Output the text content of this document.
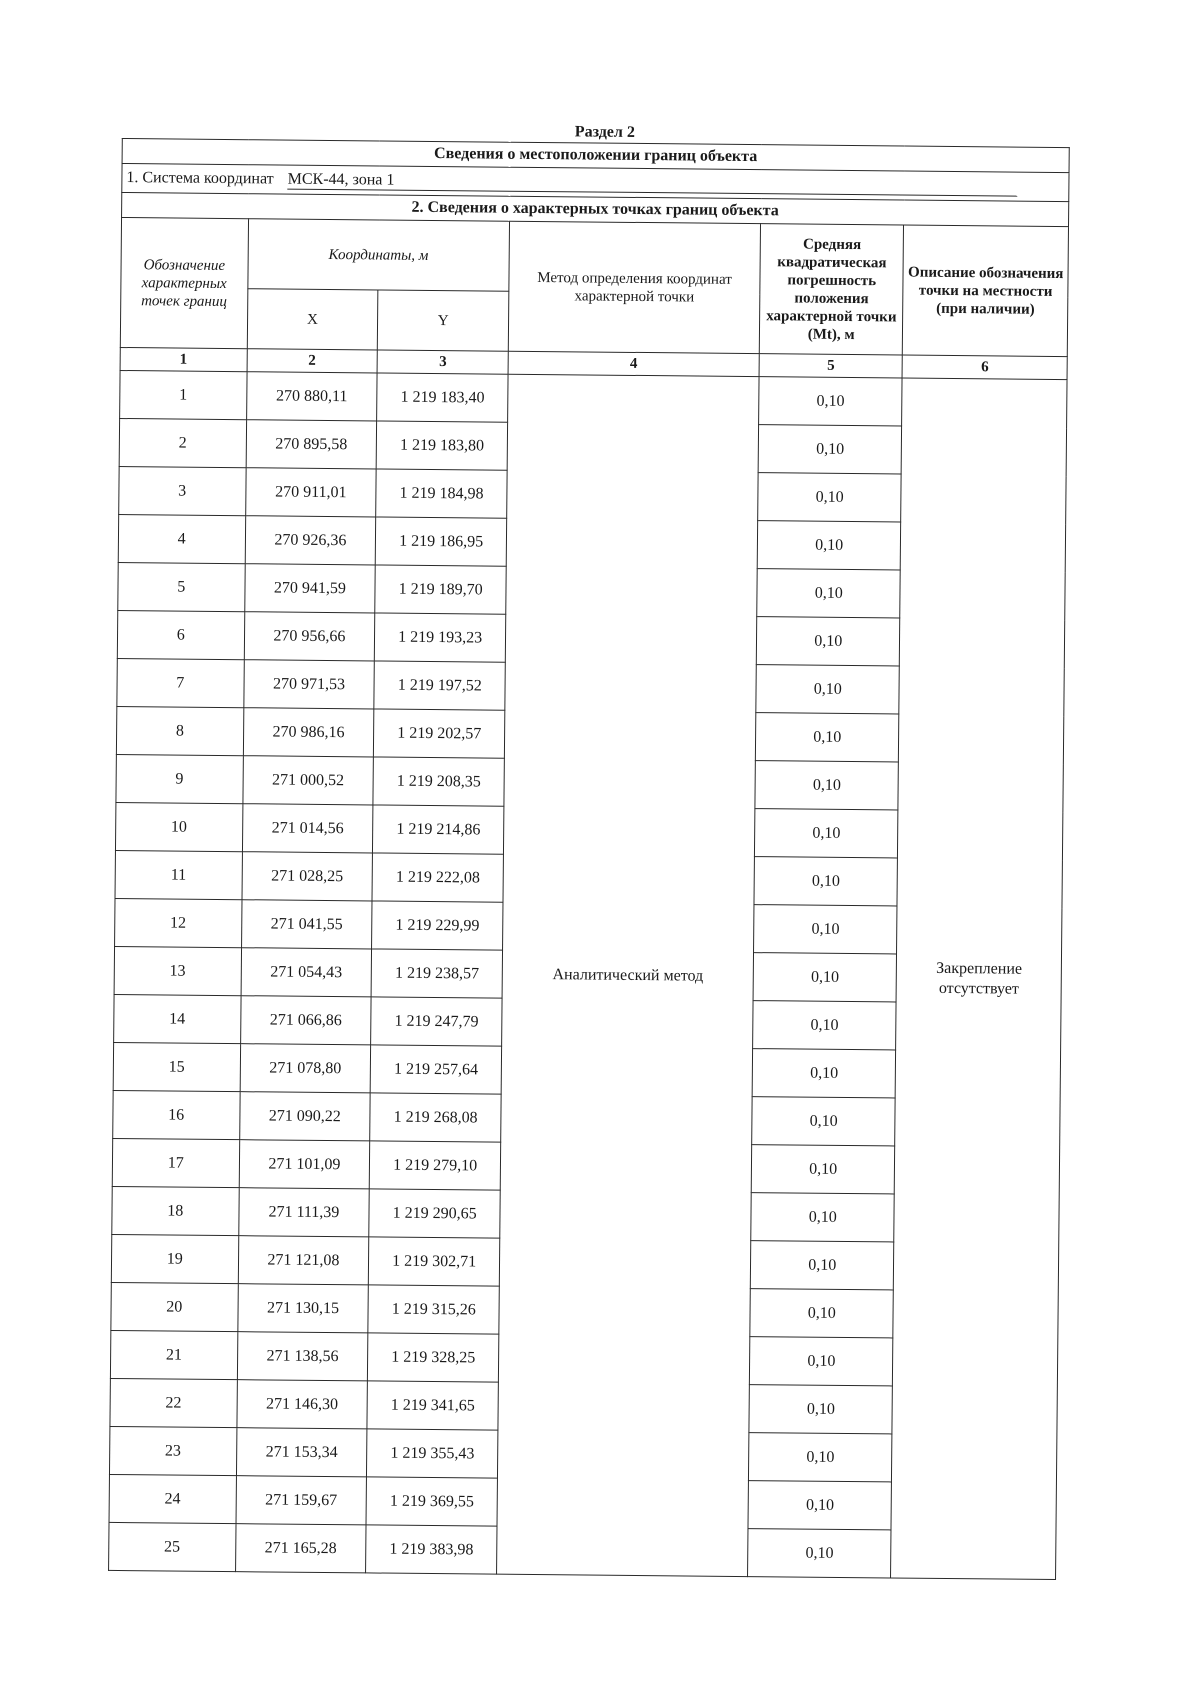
Раздел 2
Сведения о местоположении границ объекта					
1. Система координат МСК-44, зона 1					
2. Сведения о характерных точках границ объекта					
Обозначение характерных точек границ	Координаты, м		Метод определения координат характерной точки	Средняя квадратическая погрешность положения характерной точки (Mt), м	Описание обозначения точки на местности (при наличии)
	X	Y			
1	2	3	4	5	6
1	270 880,11	1 219 183,40	Аналитический метод	0,10	Закрепление отсутствует
2	270 895,58	1 219 183,80		0,10	
3	270 911,01	1 219 184,98		0,10	
4	270 926,36	1 219 186,95		0,10	
5	270 941,59	1 219 189,70		0,10	
6	270 956,66	1 219 193,23		0,10	
7	270 971,53	1 219 197,52		0,10	
8	270 986,16	1 219 202,57		0,10	
9	271 000,52	1 219 208,35		0,10	
10	271 014,56	1 219 214,86		0,10	
11	271 028,25	1 219 222,08		0,10	
12	271 041,55	1 219 229,99		0,10	
13	271 054,43	1 219 238,57		0,10	
14	271 066,86	1 219 247,79		0,10	
15	271 078,80	1 219 257,64		0,10	
16	271 090,22	1 219 268,08		0,10	
17	271 101,09	1 219 279,10		0,10	
18	271 111,39	1 219 290,65		0,10	
19	271 121,08	1 219 302,71		0,10	
20	271 130,15	1 219 315,26		0,10	
21	271 138,56	1 219 328,25		0,10	
22	271 146,30	1 219 341,65		0,10	
23	271 153,34	1 219 355,43		0,10	
24	271 159,67	1 219 369,55		0,10	
25	271 165,28	1 219 383,98		0,10	
